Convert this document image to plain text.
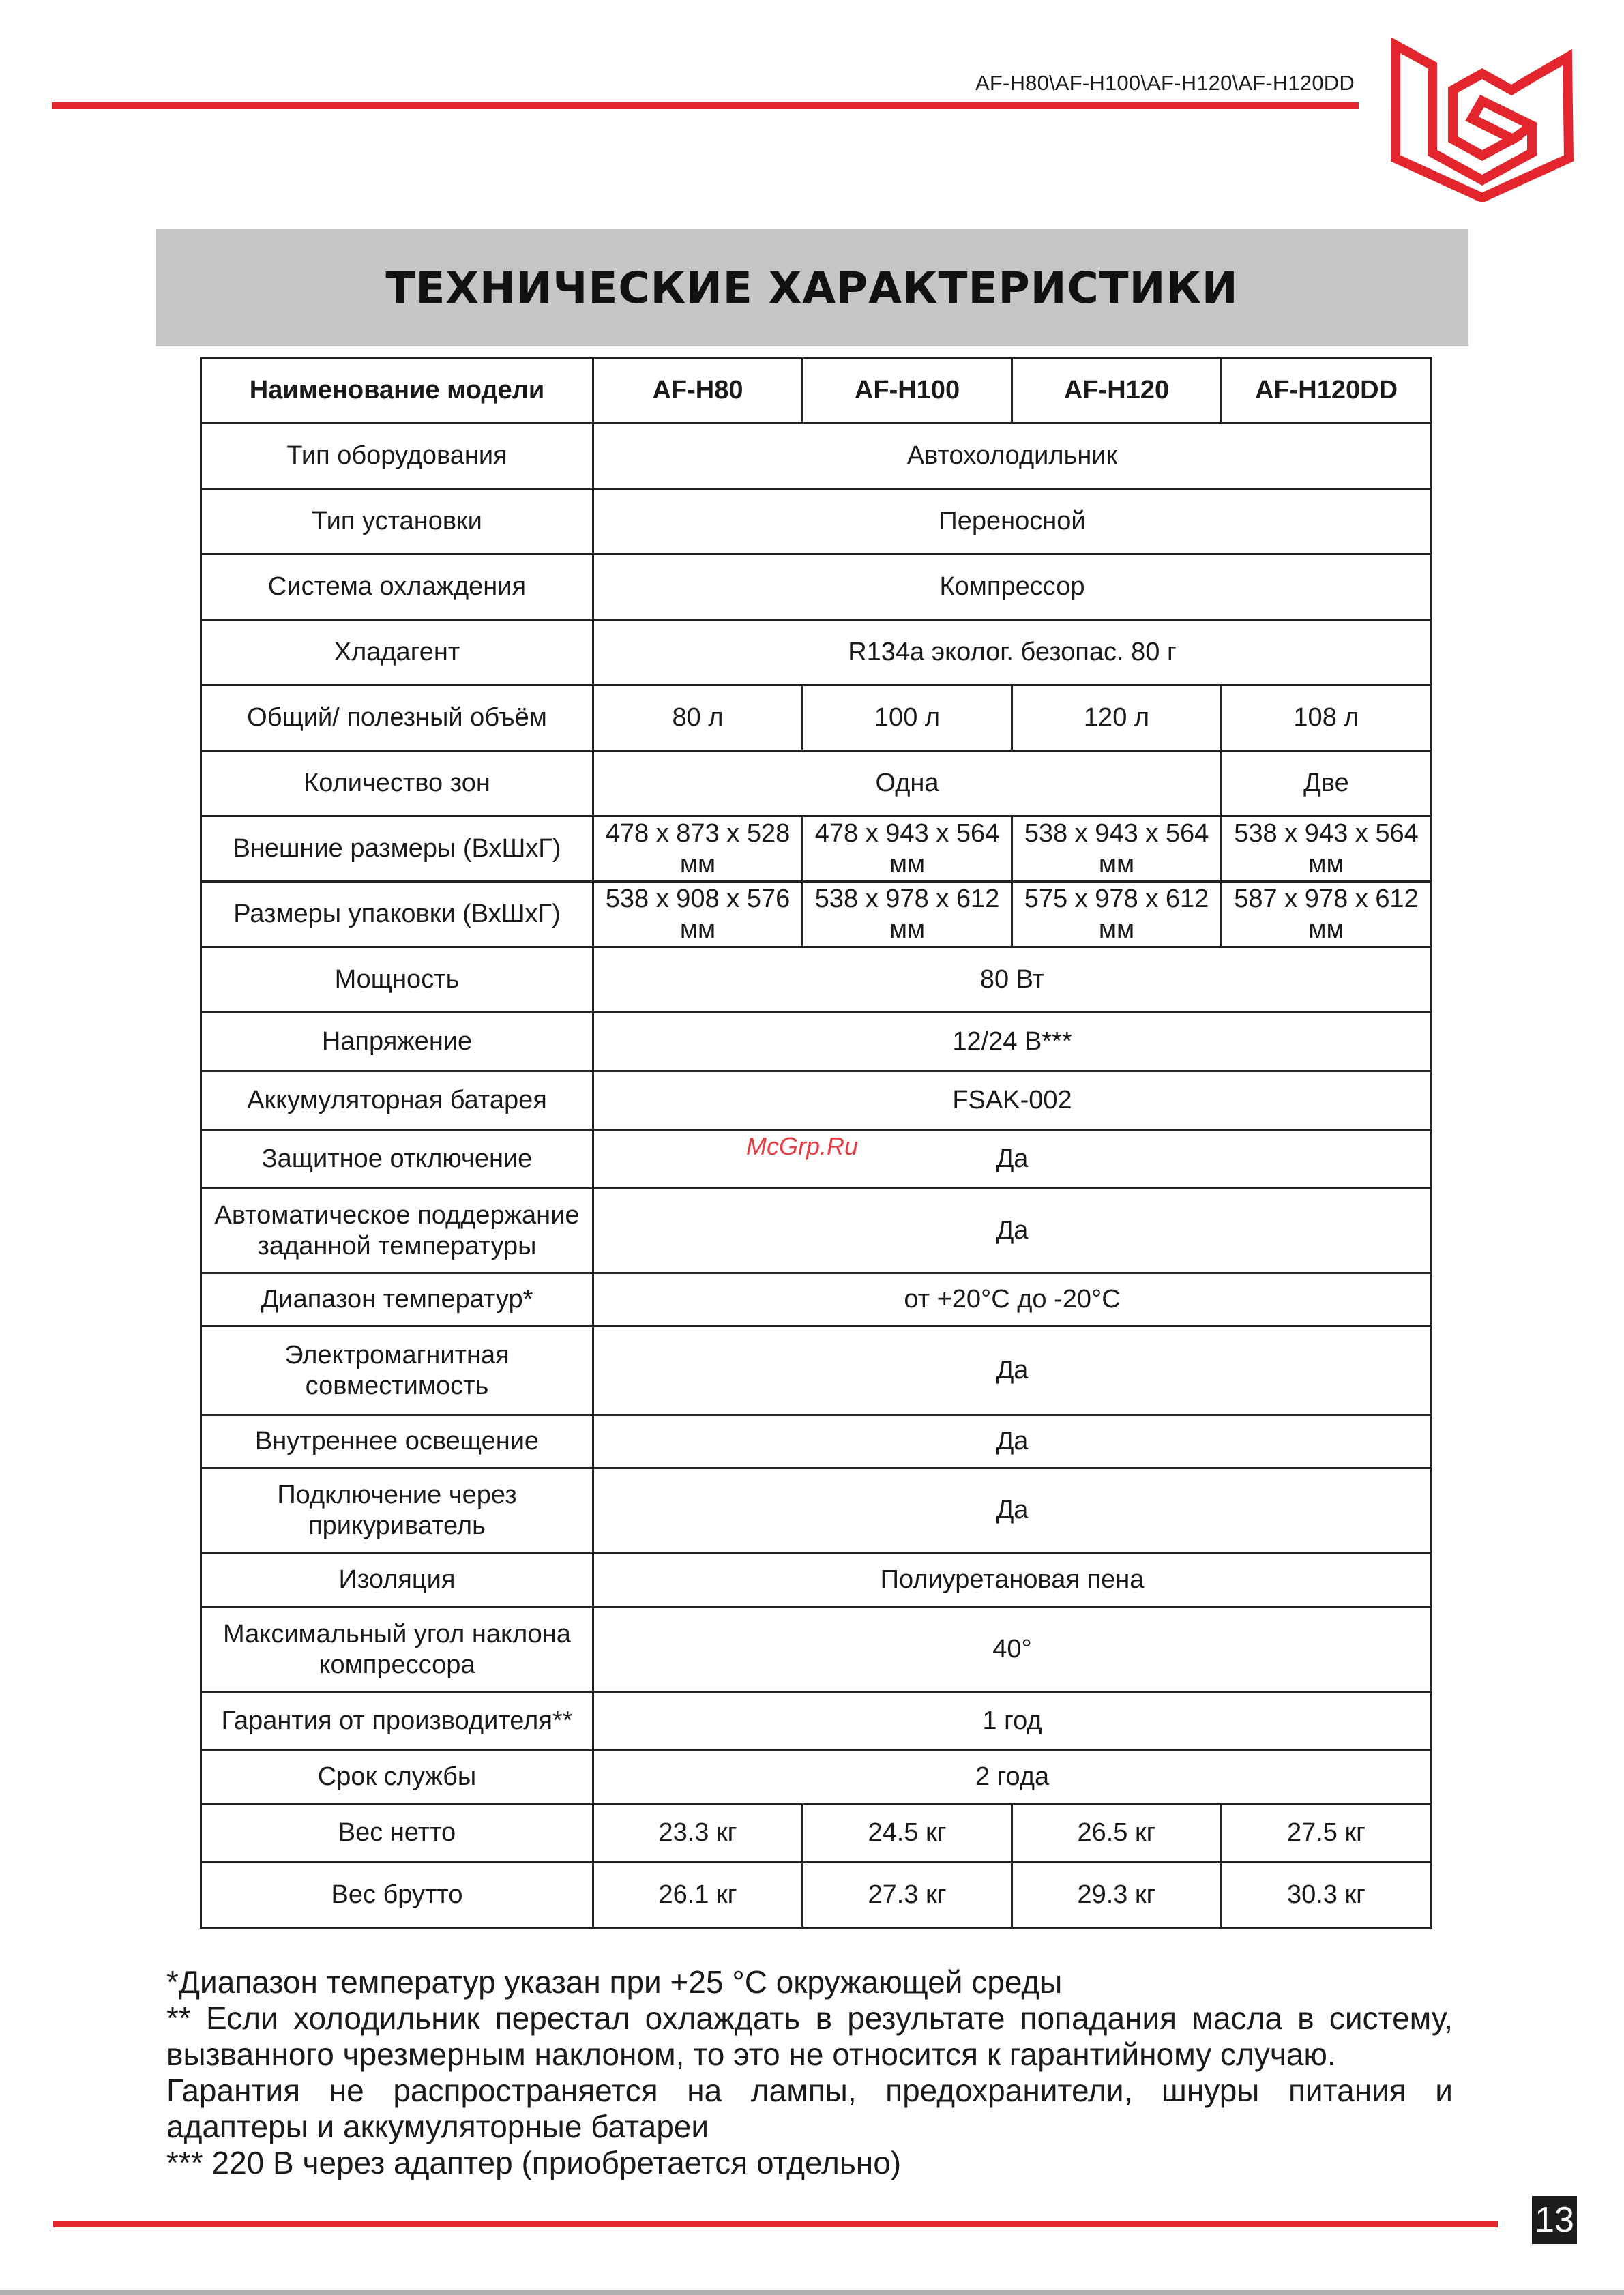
AF-H80\AF-H100\AF-H120\AF-H120DD
ТЕХНИЧЕСКИЕ ХАРАКТЕРИСТИКИ
Наименование модели	AF-H80	AF-H100	AF-H120	AF-H120DD
Тип оборудования	Автохолодильник			
Тип установки	Переносной			
Система охлаждения	Компрессор			
Хладагент	R134a эколог. безопас. 80 г			
Общий/ полезный объём	80 л	100 л	120 л	108 л
Количество зон	Одна			Две
Внешние размеры (ВхШхГ)	478 x 873 x 528 мм	478 x 943 x 564 мм	538 x 943 x 564 мм	538 x 943 x 564 мм
Размеры упаковки (ВхШхГ)	538 x 908 x 576 мм	538 x 978 x 612 мм	575 x 978 x 612 мм	587 x 978 x 612 мм
Мощность	80 Вт			
Напряжение	12/24 В***			
Аккумуляторная батарея	FSAK-002			
Защитное отключение	Да			
Автоматическое поддержание заданной температуры	Да			
Диапазон температур*	от +20°С до -20°С			
Электромагнитная совместимость	Да			
Внутреннее освещение	Да			
Подключение через прикуриватель	Да			
Изоляция	Полиуретановая пена			
Максимальный угол наклона компрессора	40°			
Гарантия от производителя**	1 год			
Срок службы	2 года			
Вес нетто	23.3 кг	24.5 кг	26.5 кг	27.5 кг
Вес брутто	26.1 кг	27.3 кг	29.3 кг	30.3 кг
McGrp.Ru

*Диапазон температур указан при +25 °С окружающей среды

** Если холодильник перестал охлаждать в результате попадания масла в систему,

вызванного чрезмерным наклоном, то это не относится к гарантийному случаю.

Гарантия не распространяется на лампы, предохранители, шнуры питания и

адаптеры и аккумуляторные батареи

*** 220 В через адаптер (приобретается отдельно)

13
